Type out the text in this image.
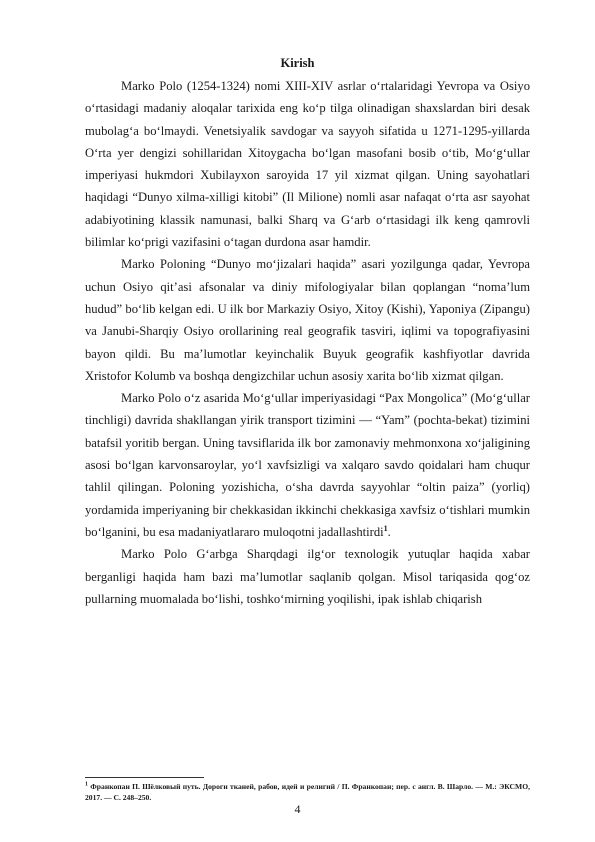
Kirish

Marko Polo (1254-1324) nomi XIII-XIV asrlar o‘rtalaridagi Yevropa va Osiyo o‘rtasidagi madaniy aloqalar tarixida eng ko‘p tilga olinadigan shaxslardan biri desak mubolag‘a bo‘lmaydi. Venetsiyalik savdogar va sayyoh sifatida u 1271-1295-yillarda O‘rta yer dengizi sohillaridan Xitoygacha bo‘lgan masofani bosib o‘tib, Mo‘g‘ullar imperiyasi hukmdori Xubilayxon saroyida 17 yil xizmat qilgan. Uning sayohatlari haqidagi “Dunyo xilma-xilligi kitobi” (Il Milione) nomli asar nafaqat o‘rta asr sayohat adabiyotining klassik namunasi, balki Sharq va G‘arb o‘rtasidagi ilk keng qamrovli bilimlar ko‘prigi vazifasini o‘tagan durdona asar hamdir.

Marko Poloning “Dunyo mo‘jizalari haqida” asari yozilgunga qadar, Yevropa uchun Osiyo qit’asi afsonalar va diniy mifologiyalar bilan qoplangan “noma’lum hudud” bo‘lib kelgan edi. U ilk bor Markaziy Osiyo, Xitoy (Kishi), Yaponiya (Zipangu) va Janubi-Sharqiy Osiyo orollarining real geografik tasviri, iqlimi va topografiyasini bayon qildi. Bu ma’lumotlar keyinchalik Buyuk geografik kashfiyotlar davrida Xristofor Kolumb va boshqa dengizchilar uchun asosiy xarita bo‘lib xizmat qilgan.

Marko Polo o‘z asarida Mo‘g‘ullar imperiyasidagi “Pax Mongolica” (Mo‘g‘ullar tinchligi) davrida shakllangan yirik transport tizimini — “Yam” (pochta-bekat) tizimini batafsil yoritib bergan. Uning tavsiflarida ilk bor zamonaviy mehmonxona xo‘jaligining asosi bo‘lgan karvonsaroylar, yo‘l xavfsizligi va xalqaro savdo qoidalari ham chuqur tahlil qilingan. Poloning yozishicha, o‘sha davrda sayyohlar “oltin paiza” (yorliq) yordamida imperiyaning bir chekkasidan ikkinchi chekkasiga xavfsiz o‘tishlari mumkin bo‘lganini, bu esa madaniyatlararo muloqotni jadallashtirdi$^1$.

Marko Polo G‘arbga Sharqdagi ilg‘or texnologik yutuqlar haqida xabar berganligi haqida ham bazi ma’lumotlar saqlanib qolgan. Misol tariqasida qog‘oz pullarning muomalada bo‘lishi, toshko‘mirning yoqilishi, ipak ishlab chiqarish

$^1$ Франкопан П. Шёлковый путь. Дороги тканей, рабов, идей и религий / П. Франкопан; пер. с англ. В. Шарло. — М.: ЭКСМО, 2017. — С. 248–250.
4
